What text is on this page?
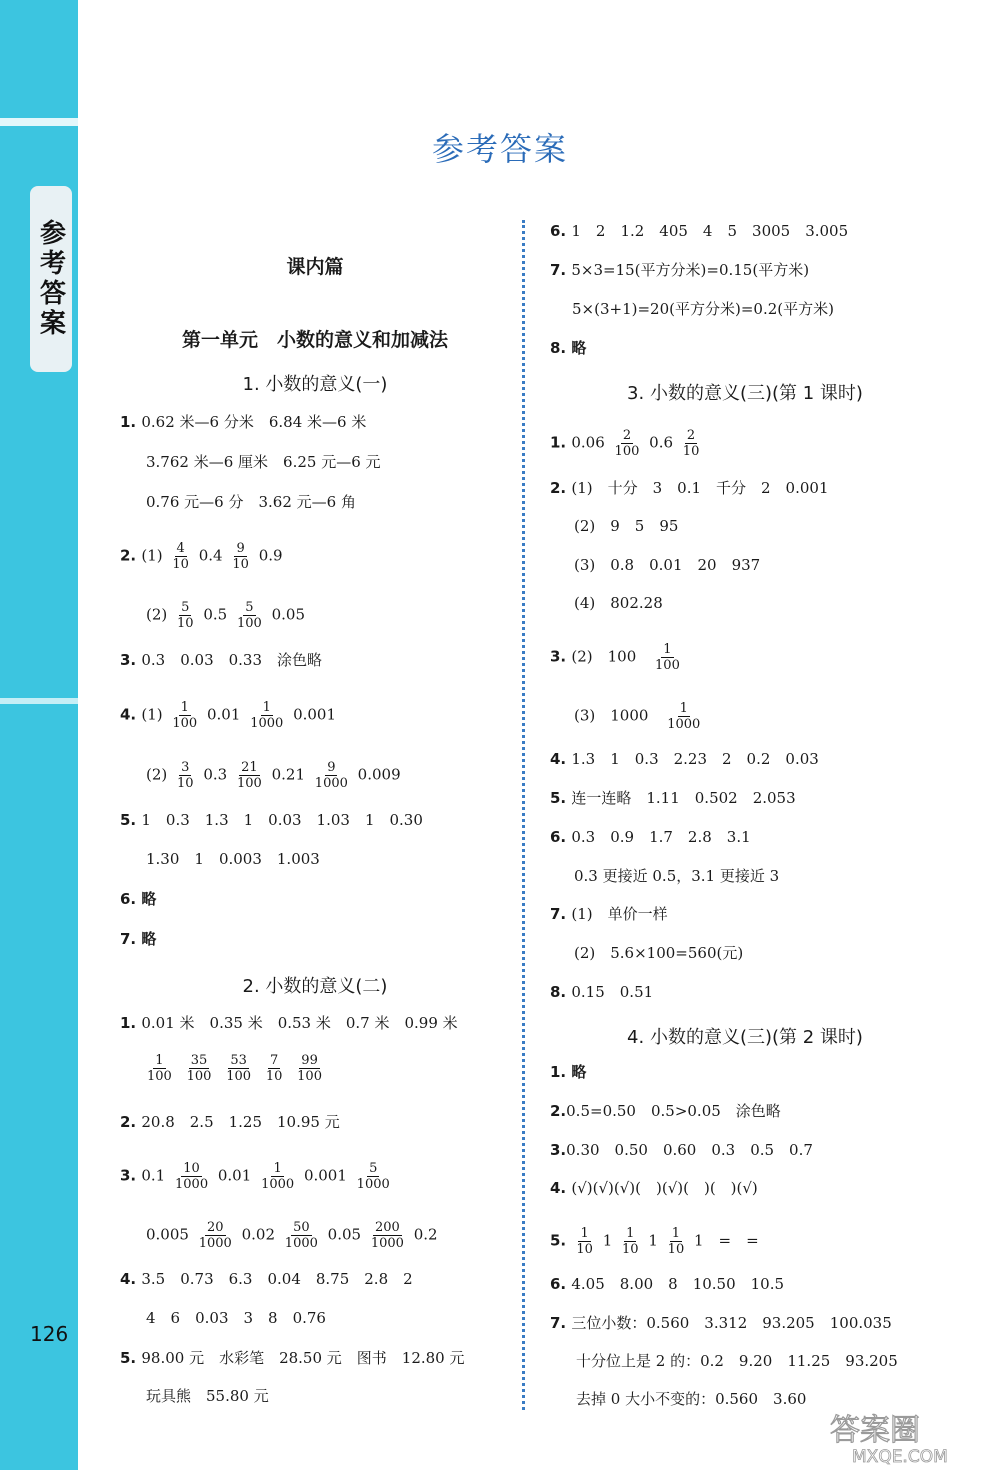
参考答案
126
参考答案
课内篇
第一单元　小数的意义和加减法
1. 小数的意义(一)
1. 0.62 米—6 分米　6.84 米—6 米
3.762 米—6 厘米　6.25 元—6 元
0.76 元—6 分　3.62 元—6 角
2. $(1) \frac{4}{10} 0.4 \frac{9}{10} 0.9$
$(2) \frac{5}{10} 0.5 \frac{5}{100} 0.05$
3. 0.3　0.03　0.33　涂色略
4. $(1) \frac{1}{100} 0.01 \frac{1}{1000} 0.001$
$(2) \frac{3}{10} 0.3 \frac{21}{100} 0.21 \frac{9}{1000} 0.009$
5. 1　0.3　1.3　1　0.03　1.03　1　0.30
1.30　1　0.003　1.003
6. 略
7. 略
2. 小数的意义(二)
1. 0.01 米　0.35 米　0.53 米　0.7 米　0.99 米
$\frac{1}{100}$
$\frac{35}{100}$
$\frac{53}{100}$
$\frac{7}{10}$
$\frac{99}{100}$
2. 20.8　2.5　1.25　10.95 元
3. $0.1 \frac{10}{1000} 0.01 \frac{1}{1000} 0.001 \frac{5}{1000}$
$0.005 \frac{20}{1000} 0.02 \frac{50}{1000} 0.05 \frac{200}{1000} 0.2$
4. 3.5　0.73　6.3　0.04　8.75　2.8　2
4　6　0.03　3　8　0.76
5. 98.00 元　水彩笔　28.50 元　图书　12.80 元
玩具熊　55.80 元
6. 1　2　1.2　405　4　5　3005　3.005
7. 5×3=15(平方分米)=0.15(平方米)
5×(3+1)=20(平方分米)=0.2(平方米)
8. 略
3. 小数的意义(三)(第 1 课时)
1. $0.06 \frac{2}{100} 0.6 \frac{2}{10}$
2. (1)　十分　3　0.1　千分　2　0.001
(2)　9　5　95
(3)　0.8　0.01　20　937
(4)　802.28
3. (2)　$100 \frac{1}{100}$
(3)　$1000 \frac{1}{1000}$
4. 1.3　1　0.3　2.23　2　0.2　0.03
5. 连一连略　1.11　0.502　2.053
6. 0.3　0.9　1.7　2.8　3.1
0.3 更接近 0.5，3.1 更接近 3
7. (1)　单价一样
(2)　5.6×100=560(元)
8. 0.15　0.51
4. 小数的意义(三)(第 2 课时)
1. 略
2.0.5=0.50　0.5>0.05　涂色略
3.0.30　0.50　0.60　0.3　0.5　0.7
4. (√)(√)(√)(　)(√)(　)(　)(√)
5. $\frac{1}{10} 1 \frac{1}{10} 1 \frac{1}{10} 1$　=　=
6. 4.05　8.00　8　10.50　10.5
7. 三位小数：0.560　3.312　93.205　100.035
十分位上是 2 的：0.2　9.20　11.25　93.205
去掉 0 大小不变的：0.560　3.60
答案圈
MXQE.COM
